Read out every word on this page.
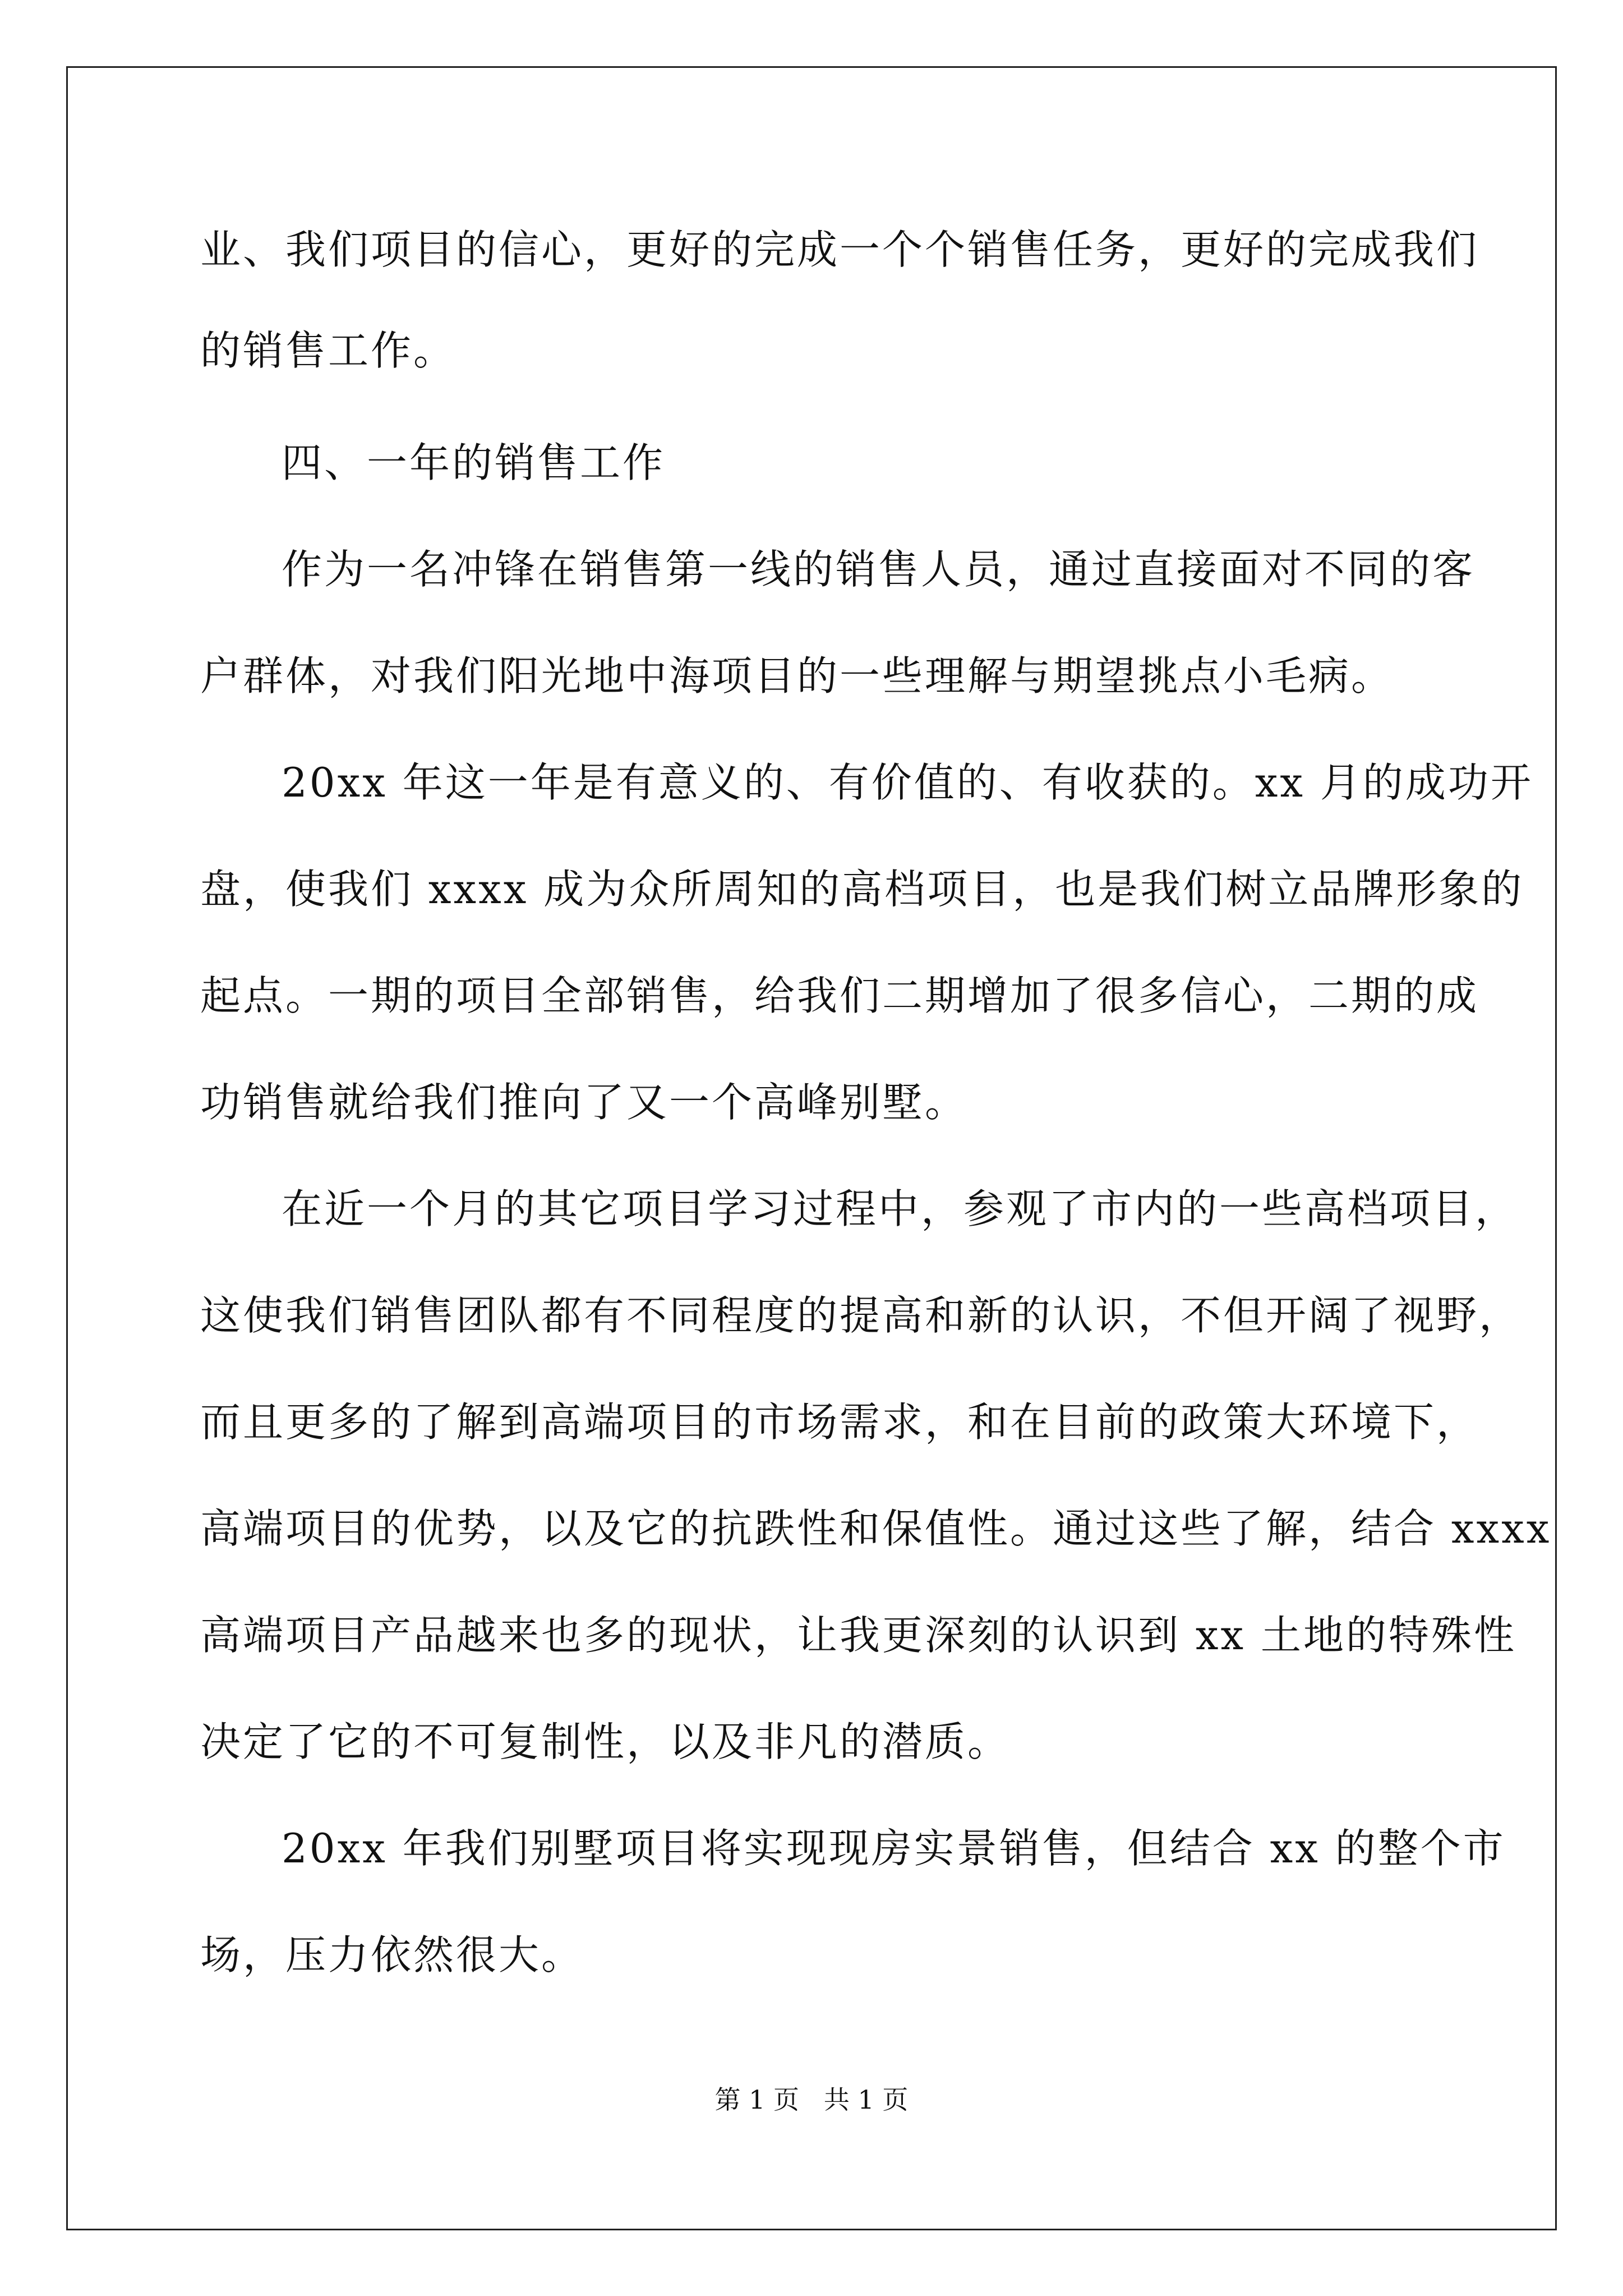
业、我们项目的信心，更好的完成一个个销售任务，更好的完成我们
的销售工作。
四、一年的销售工作
作为一名冲锋在销售第一线的销售人员，通过直接面对不同的客
户群体，对我们阳光地中海项目的一些理解与期望挑点小毛病。
20xx 年这一年是有意义的、有价值的、有收获的。xx 月的成功开
盘，使我们 xxxx 成为众所周知的高档项目，也是我们树立品牌形象的
起点。一期的项目全部销售，给我们二期增加了很多信心，二期的成
功销售就给我们推向了又一个高峰别墅。
在近一个月的其它项目学习过程中，参观了市内的一些高档项目，
这使我们销售团队都有不同程度的提高和新的认识，不但开阔了视野，
而且更多的了解到高端项目的市场需求，和在目前的政策大环境下，
高端项目的优势，以及它的抗跌性和保值性。通过这些了解，结合 xxxx
高端项目产品越来也多的现状，让我更深刻的认识到 xx 土地的特殊性
决定了它的不可复制性，以及非凡的潜质。
20xx 年我们别墅项目将实现现房实景销售，但结合 xx 的整个市
场，压力依然很大。
第 1 页   共 1 页
